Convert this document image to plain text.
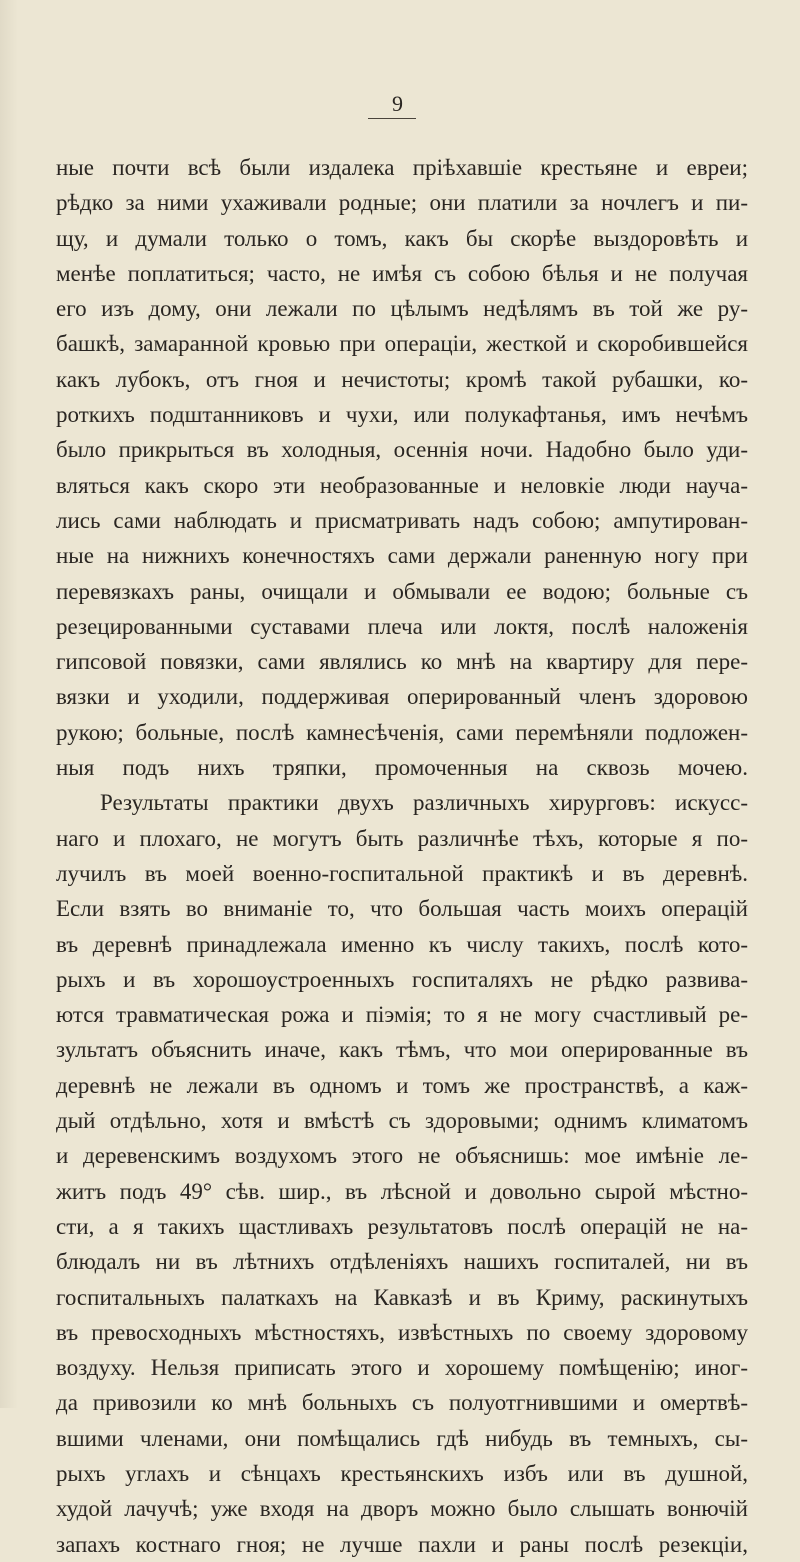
9
ные почти всѣ были издалека пріѣхавшіе крестьяне и евреи;
рѣдко за ними ухаживали родные; они платили за ночлегъ и пи-
щу, и думали только о томъ, какъ бы скорѣе выздоровѣть и
менѣе поплатиться; часто, не имѣя съ собою бѣлья и не получая
его изъ дому, они лежали по цѣлымъ недѣлямъ въ той же ру-
башкѣ, замаранной кровью при операціи, жесткой и скоробившейся
какъ лубокъ, отъ гноя и нечистоты; кромѣ такой рубашки, ко-
роткихъ подштанниковъ и чухи, или полукафтанья, имъ нечѣмъ
было прикрыться въ холодныя, осеннія ночи. Надобно было уди-
вляться какъ скоро эти необразованные и неловкіе люди науча-
лись сами наблюдать и присматривать надъ собою; ампутирован-
ные на нижнихъ конечностяхъ сами держали раненную ногу при
перевязкахъ раны, очищали и обмывали ее водою; больные съ
резецированными суставами плеча или локтя, послѣ наложенія
гипсовой повязки, сами являлись ко мнѣ на квартиру для пере-
вязки и уходили, поддерживая оперированный членъ здоровою
рукою; больные, послѣ камнесѣченія, сами перемѣняли подложен-
ныя подъ нихъ тряпки, промоченныя на сквозь мочею.
Результаты практики двухъ различныхъ хирурговъ: искусс-
наго и плохаго, не могутъ быть различнѣе тѣхъ, которые я по-
лучилъ въ моей военно-госпитальной практикѣ и въ деревнѣ.
Если взять во вниманіе то, что большая часть моихъ операцій
въ деревнѣ принадлежала именно къ числу такихъ, послѣ кото-
рыхъ и въ хорошоустроенныхъ госпиталяхъ не рѣдко развива-
ются травматическая рожа и піэмія; то я не могу счастливый ре-
зультатъ объяснить иначе, какъ тѣмъ, что мои оперированные въ
деревнѣ не лежали въ одномъ и томъ же пространствѣ, а каж-
дый отдѣльно, хотя и вмѣстѣ съ здоровыми; однимъ климатомъ
и деревенскимъ воздухомъ этого не объяснишь: мое имѣніе ле-
житъ подъ 49° сѣв. шир., въ лѣсной и довольно сырой мѣстно-
сти, а я такихъ щастливахъ результатовъ послѣ операцій не на-
блюдалъ ни въ лѣтнихъ отдѣленіяхъ нашихъ госпиталей, ни въ
госпитальныхъ палаткахъ на Кавказѣ и въ Криму, раскинутыхъ
въ превосходныхъ мѣстностяхъ, извѣстныхъ по своему здоровому
воздуху. Нельзя приписать этого и хорошему помѣщенію; иног-
да привозили ко мнѣ больныхъ съ полуотгнившими и омертвѣ-
вшими членами, они помѣщались гдѣ нибудь въ темныхъ, сы-
рыхъ углахъ и сѣнцахъ крестьянскихъ избъ или въ душной,
худой лачучѣ; уже входя на дворъ можно было слышать вонючій
запахъ костнаго гноя; не лучше пахли и раны послѣ резекціи,
